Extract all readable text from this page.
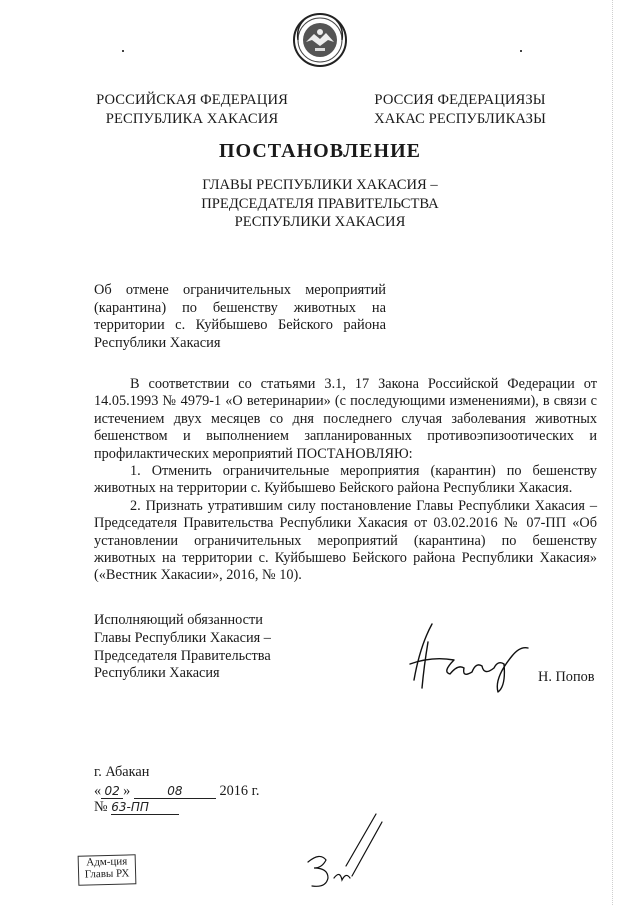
РОССИЙСКАЯ ФЕДЕРАЦИЯ
РЕСПУБЛИКА ХАКАСИЯ
РОССИЯ ФЕДЕРАЦИЯЗЫ
ХАКАС РЕСПУБЛИКАЗЫ
ПОСТАНОВЛЕНИЕ
ГЛАВЫ РЕСПУБЛИКИ ХАКАСИЯ –
ПРЕДСЕДАТЕЛЯ ПРАВИТЕЛЬСТВА
РЕСПУБЛИКИ ХАКАСИЯ
Об отмене ограничительных мероприятий (карантина) по бешенству животных на территории с. Куйбышево Бейского района Республики Хакасия

В соответствии со статьями 3.1, 17 Закона Российской Федерации от 14.05.1993 № 4979-1 «О ветеринарии» (с последующими изменениями), в связи с истечением двух месяцев со дня последнего случая заболевания животных бешенством и выполнением запланированных противоэпизоотических и профилактических мероприятий ПОСТАНОВЛЯЮ:

1. Отменить ограничительные мероприятия (карантин) по бешенству животных на территории с. Куйбышево Бейского района Республики Хакасия.

2. Признать утратившим силу постановление Главы Республики Хакасия – Председателя Правительства Республики Хакасия от 03.02.2016 № 07-ПП «Об установлении ограничительных мероприятий (карантина) по бешенству животных на территории с. Куйбышево Бейского района Республики Хакасия» («Вестник Хакасии», 2016, № 10).

Исполняющий обязанности
Главы Республики Хакасия –
Председателя Правительства
Республики Хакасия	Н. Попов
г. Абакан
« 02 »	08	2016 г.
№ 63-ПП
Адм-ция
Главы РХ
